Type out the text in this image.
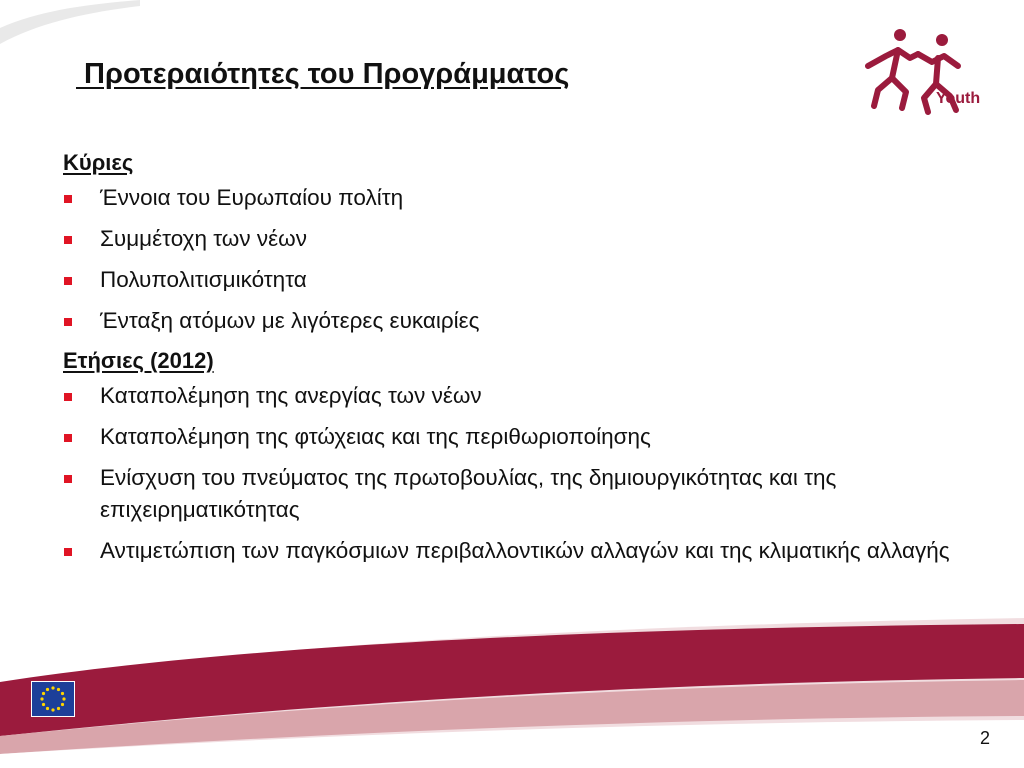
Προτεραιότητες του Προγράμματος
Youth
Κύριες
Έννοια του Ευρωπαίου πολίτη
Συμμέτοχη των νέων
Πολυπολιτισμικότητα
Ένταξη ατόμων με λιγότερες ευκαιρίες
Ετήσιες (2012)
Καταπολέμηση της ανεργίας των νέων
Καταπολέμηση της φτώχειας και της περιθωριοποίησης
Ενίσχυση του πνεύματος της πρωτοβουλίας, της δημιουργικότητας και της επιχειρηματικότητας
Αντιμετώπιση των παγκόσμιων περιβαλλοντικών αλλαγών και της κλιματικής αλλαγής
2
